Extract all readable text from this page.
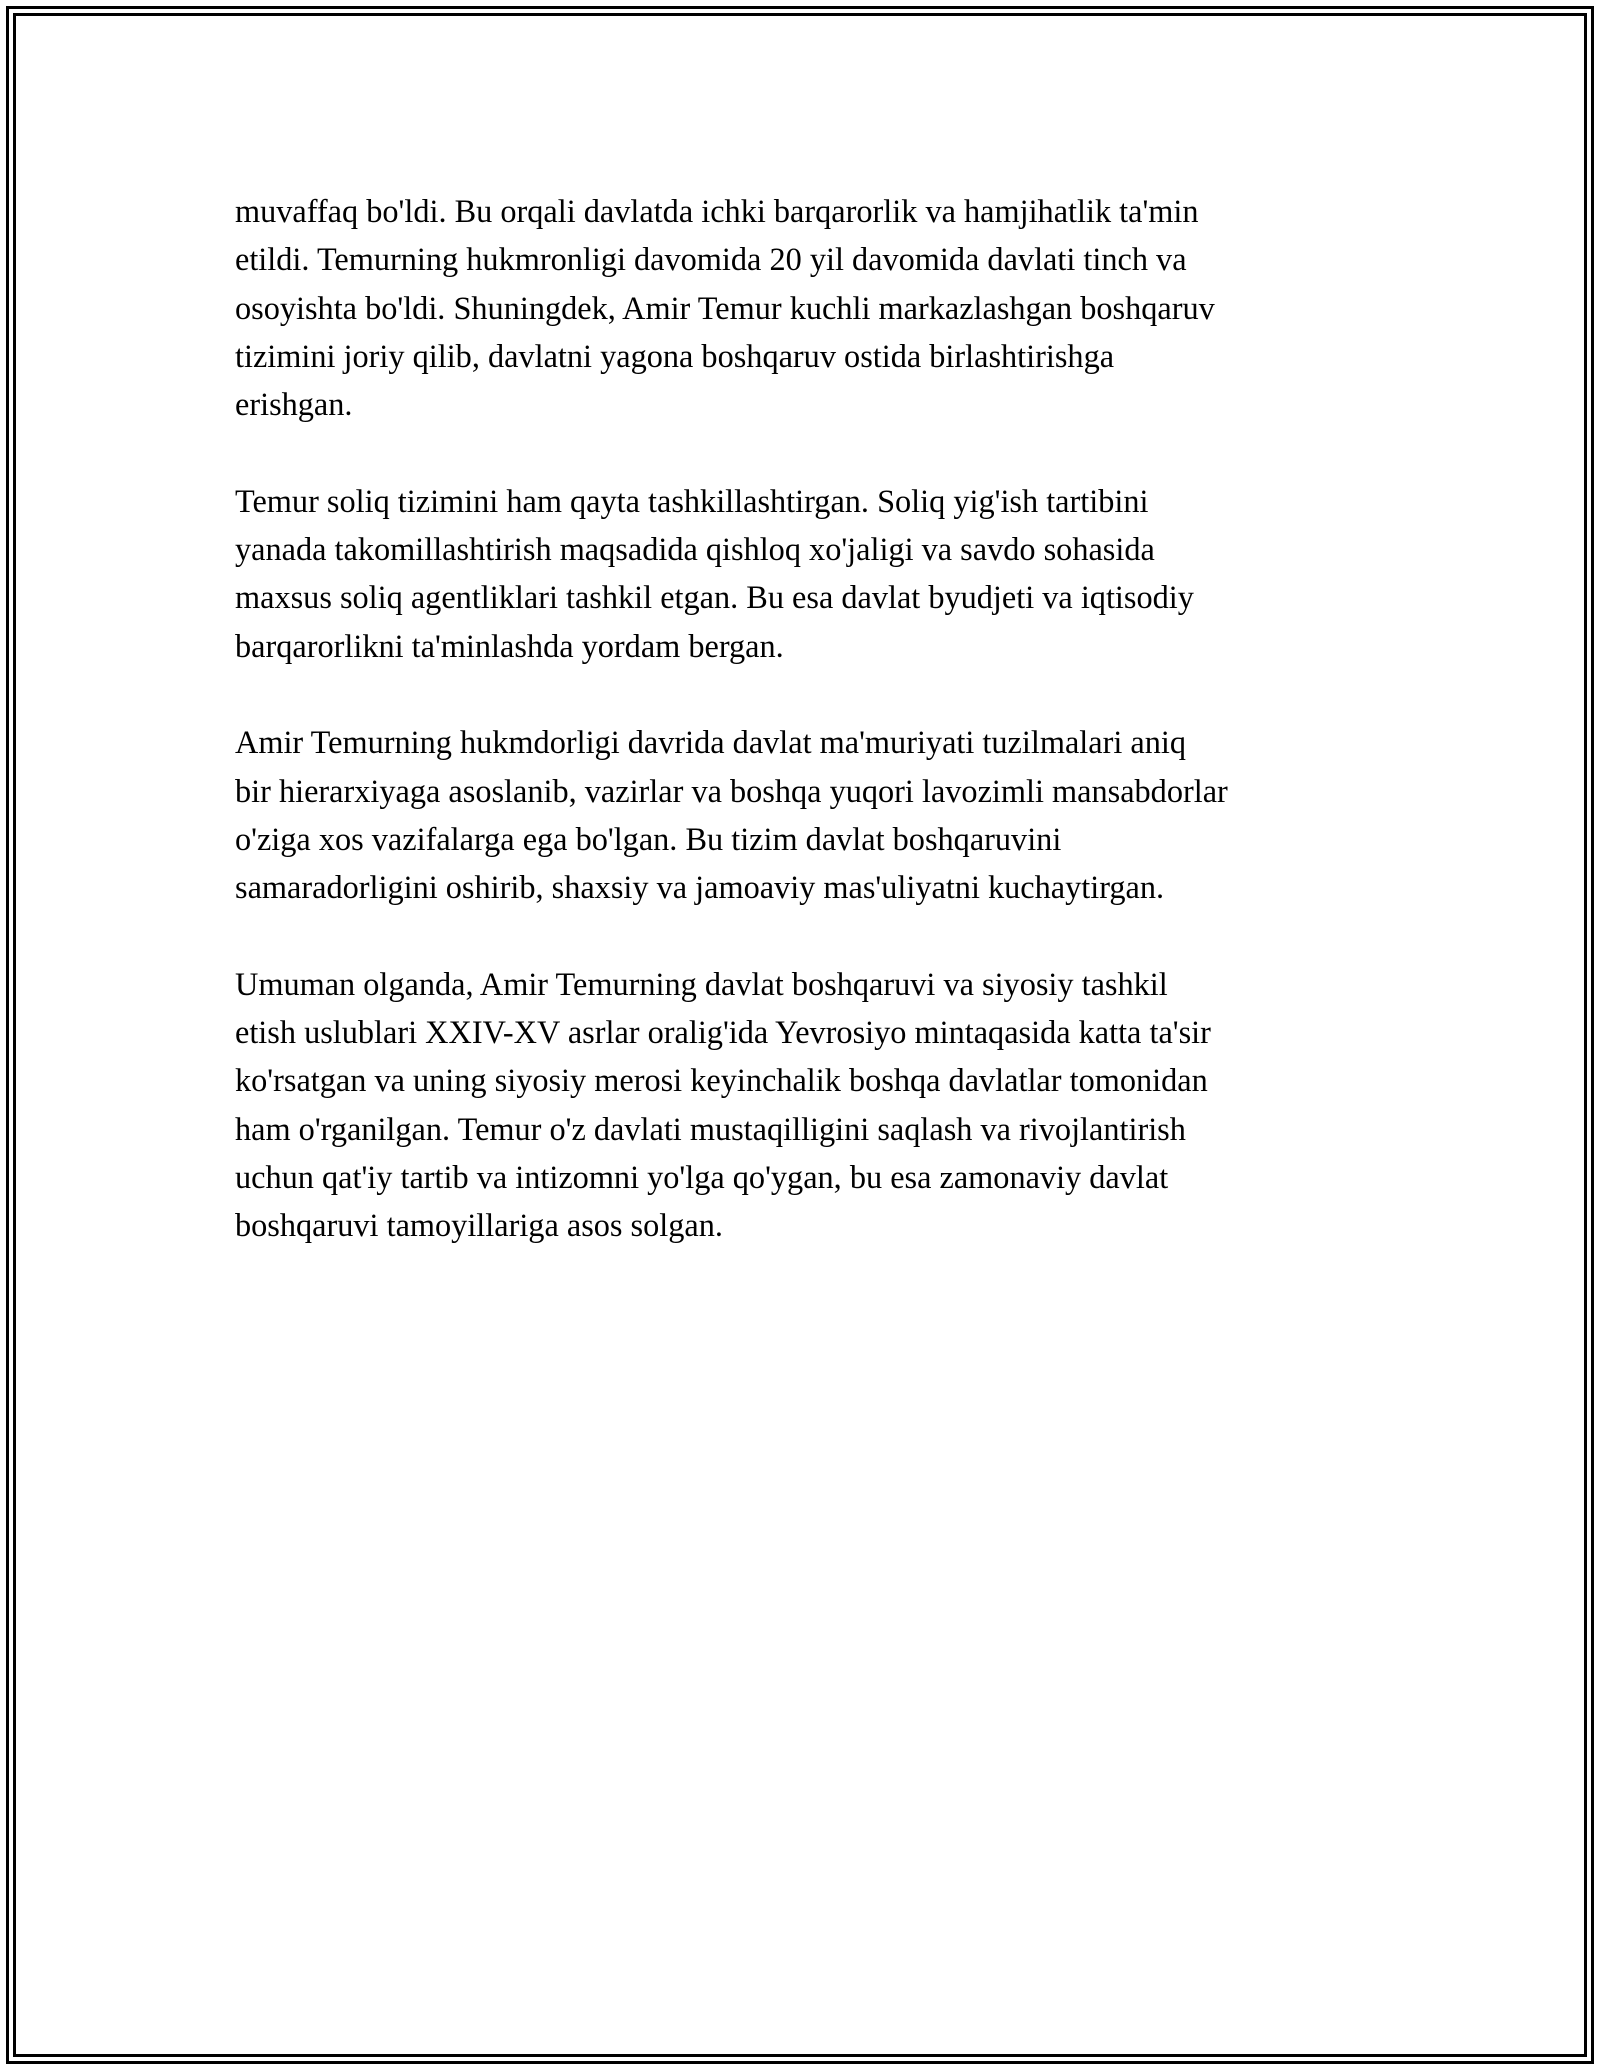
muvaffaq bo'ldi. Bu orqali davlatda ichki barqarorlik va hamjihatlik ta'min
etildi. Temurning hukmronligi davomida 20 yil davomida davlati tinch va
osoyishta bo'ldi. Shuningdek, Amir Temur kuchli markazlashgan boshqaruv
tizimini joriy qilib, davlatni yagona boshqaruv ostida birlashtirishga
erishgan.

Temur soliq tizimini ham qayta tashkillashtirgan. Soliq yig'ish tartibini
yanada takomillashtirish maqsadida qishloq xo'jaligi va savdo sohasida
maxsus soliq agentliklari tashkil etgan. Bu esa davlat byudjeti va iqtisodiy
barqarorlikni ta'minlashda yordam bergan.

Amir Temurning hukmdorligi davrida davlat ma'muriyati tuzilmalari aniq
bir hierarxiyaga asoslanib, vazirlar va boshqa yuqori lavozimli mansabdorlar
o'ziga xos vazifalarga ega bo'lgan. Bu tizim davlat boshqaruvini
samaradorligini oshirib, shaxsiy va jamoaviy mas'uliyatni kuchaytirgan.

Umuman olganda, Amir Temurning davlat boshqaruvi va siyosiy tashkil
etish uslublari XXIV-XV asrlar oralig'ida Yevrosiyo mintaqasida katta ta'sir
ko'rsatgan va uning siyosiy merosi keyinchalik boshqa davlatlar tomonidan
ham o'rganilgan. Temur o'z davlati mustaqilligini saqlash va rivojlantirish
uchun qat'iy tartib va intizomni yo'lga qo'ygan, bu esa zamonaviy davlat
boshqaruvi tamoyillariga asos solgan.
